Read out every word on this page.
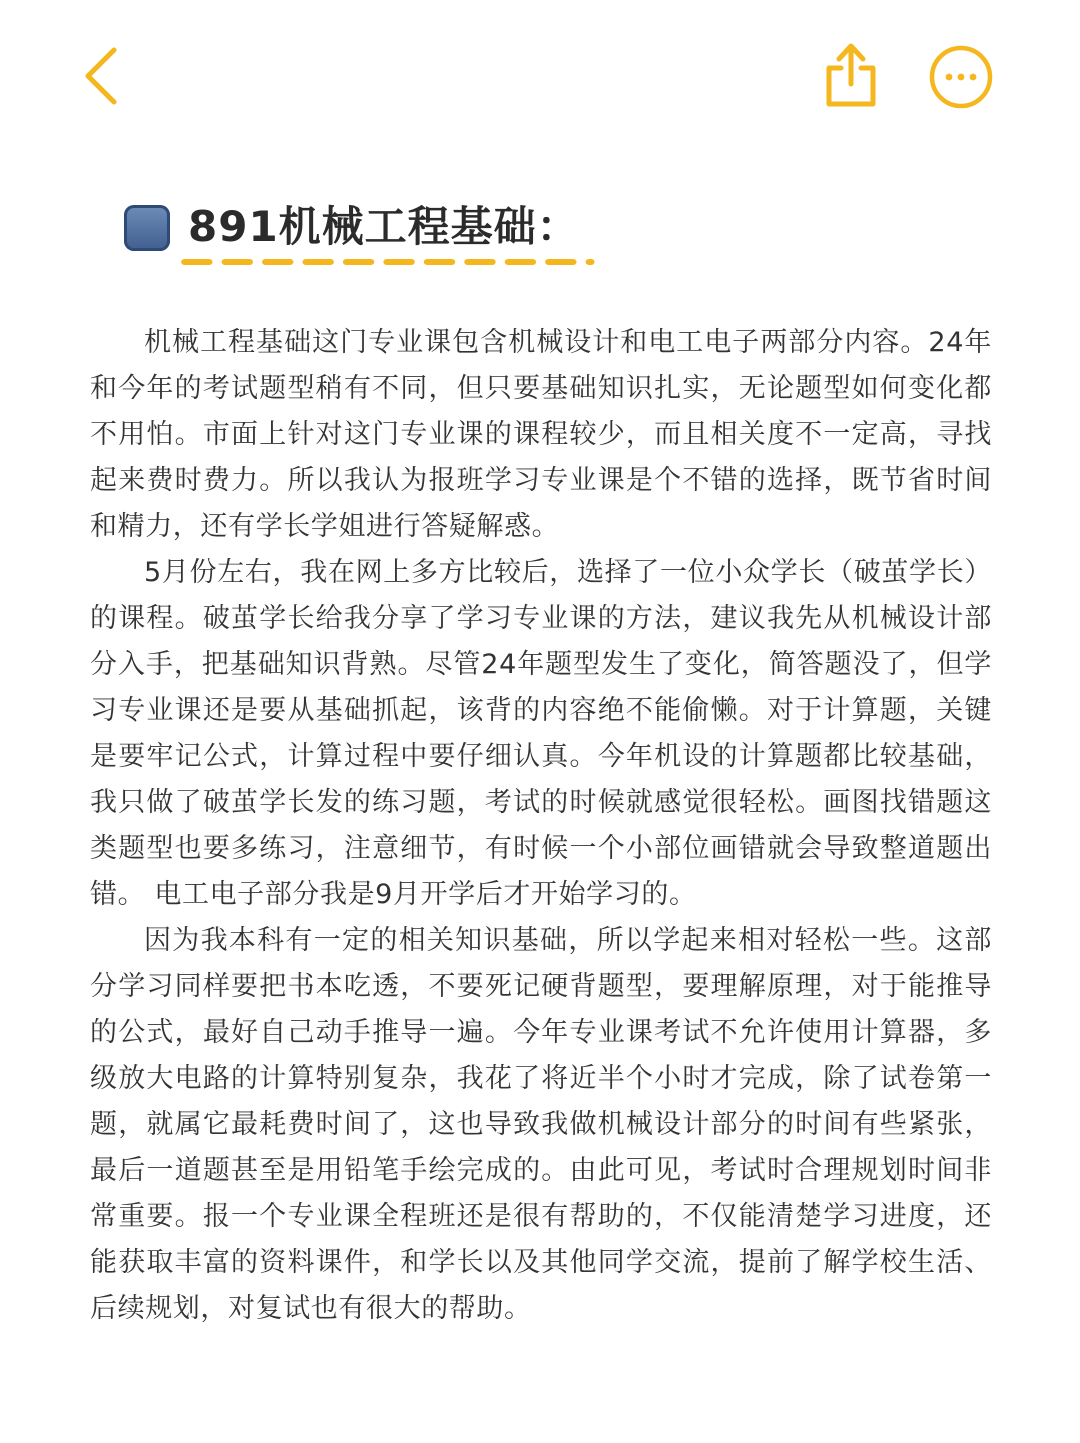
891机械工程基础：

机械工程基础这门专业课包含机械设计和电工电子两部分内容。24年和今年的考试题型稍有不同，但只要基础知识扎实，无论题型如何变化都不用怕。市面上针对这门专业课的课程较少，而且相关度不一定高，寻找起来费时费力。所以我认为报班学习专业课是个不错的选择，既节省时间和精力，还有学长学姐进行答疑解惑。

5月份左右，我在网上多方比较后，选择了一位小众学长（破茧学长）的课程。破茧学长给我分享了学习专业课的方法，建议我先从机械设计部分入手，把基础知识背熟。尽管24年题型发生了变化，简答题没了，但学习专业课还是要从基础抓起，该背的内容绝不能偷懒。对于计算题，关键是要牢记公式，计算过程中要仔细认真。今年机设的计算题都比较基础，我只做了破茧学长发的练习题，考试的时候就感觉很轻松。画图找错题这类题型也要多练习，注意细节，有时候一个小部位画错就会导致整道题出错。 电工电子部分我是9月开学后才开始学习的。

因为我本科有一定的相关知识基础，所以学起来相对轻松一些。这部分学习同样要把书本吃透，不要死记硬背题型，要理解原理，对于能推导的公式，最好自己动手推导一遍。今年专业课考试不允许使用计算器，多级放大电路的计算特别复杂，我花了将近半个小时才完成，除了试卷第一题，就属它最耗费时间了，这也导致我做机械设计部分的时间有些紧张，最后一道题甚至是用铅笔手绘完成的。由此可见，考试时合理规划时间非常重要。报一个专业课全程班还是很有帮助的，不仅能清楚学习进度，还能获取丰富的资料课件，和学长以及其他同学交流，提前了解学校生活、后续规划，对复试也有很大的帮助。
